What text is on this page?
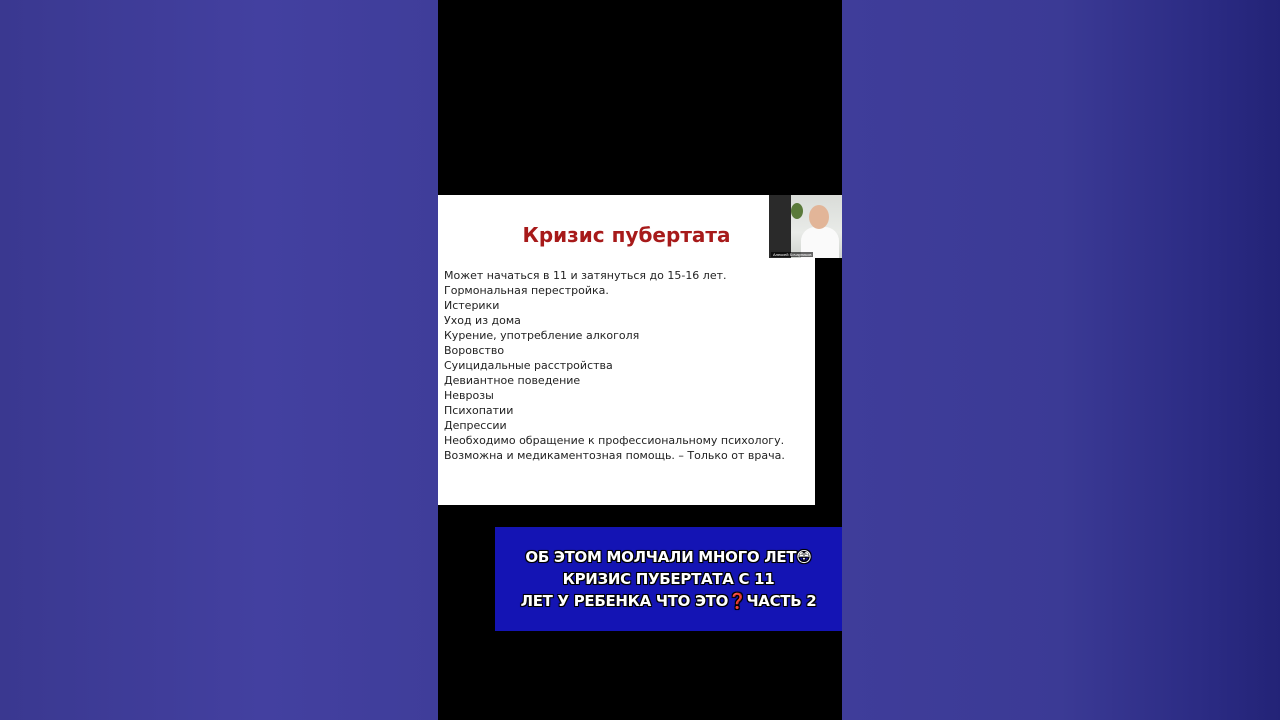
Кризис пубертата
Может начаться в 11 и затянуться до 15-16 лет.
Гормональная перестройка.
Истерики
Уход из дома
Курение, употребление алкоголя
Воровство
Суицидальные расстройства
Девиантное поведение
Неврозы
Психопатии
Депрессии
Необходимо обращение к профессиональному психологу.
Возможна и медикаментозная помощь. – Только от врача.
Алексей Бочарников
ОБ ЭТОМ МОЛЧАЛИ МНОГО ЛЕТ😳
КРИЗИС ПУБЕРТАТА С 11
ЛЕТ У РЕБЕНКА ЧТО ЭТО❓ЧАСТЬ 2
